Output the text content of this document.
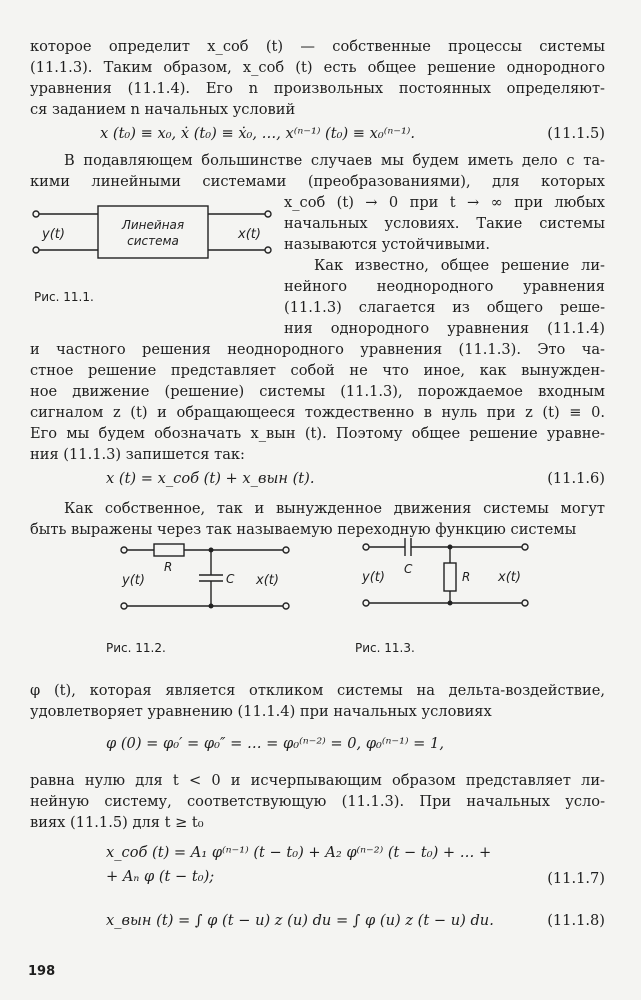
которое определит x_соб (t) — собственные процессы системы
(11.1.3). Таким образом, x_соб (t) есть общее решение однородного
уравнения (11.1.4). Его n произвольных постоянных определяют-
ся заданием n начальных условий
x (t₀) ≡ x₀, ẋ (t₀) ≡ ẋ₀, …, x⁽ⁿ⁻¹⁾ (t₀) ≡ x₀⁽ⁿ⁻¹⁾.	(11.1.5)
В подавляющем большинстве случаев мы будем иметь дело с та-
кими линейными системами (преобразованиями), для которых
x_соб (t) → 0 при t → ∞ при любых
начальных условиях. Такие системы
называются устойчивыми.
Как известно, общее решение ли-
нейного неоднородного уравнения
(11.1.3) слагается из общего реше-
ния однородного уравнения (11.1.4)
Линейная
система
y(t)	x(t)
Рис. 11.1.
и частного решения неоднородного уравнения (11.1.3). Это ча-
стное решение представляет собой не что иное, как вынужден-
ное движение (решение) системы (11.1.3), порождаемое входным
сигналом z (t) и обращающееся тождественно в нуль при z (t) ≡ 0.
Его мы будем обозначать x_вын (t). Поэтому общее решение уравне-
ния (11.1.3) запишется так:
x (t) = x_соб (t) + x_вын (t).	(11.1.6)
Как собственное, так и вынужденное движения системы могут
быть выражены через так называемую переходную функцию системы
R
C
y(t)	x(t)
Рис. 11.2.
C
R
y(t)	x(t)
Рис. 11.3.
φ (t), которая является откликом системы на дельта-воздействие,
удовлетворяет уравнению (11.1.4) при начальных условиях
φ (0) = φ₀′ = φ₀″ = … = φ₀⁽ⁿ⁻²⁾ = 0, φ₀⁽ⁿ⁻¹⁾ = 1,
равна нулю для t < 0 и исчерпывающим образом представляет ли-
нейную систему, соответствующую (11.1.3). При начальных усло-
виях (11.1.5) для t ≥ t₀
x_соб (t) = A₁ φ⁽ⁿ⁻¹⁾ (t − t₀) + A₂ φ⁽ⁿ⁻²⁾ (t − t₀) + … +
+ Aₙ φ (t − t₀);	(11.1.7)
x_вын (t) = ∫ φ (t − u) z (u) du = ∫ φ (u) z (t − u) du.	(11.1.8)
198
